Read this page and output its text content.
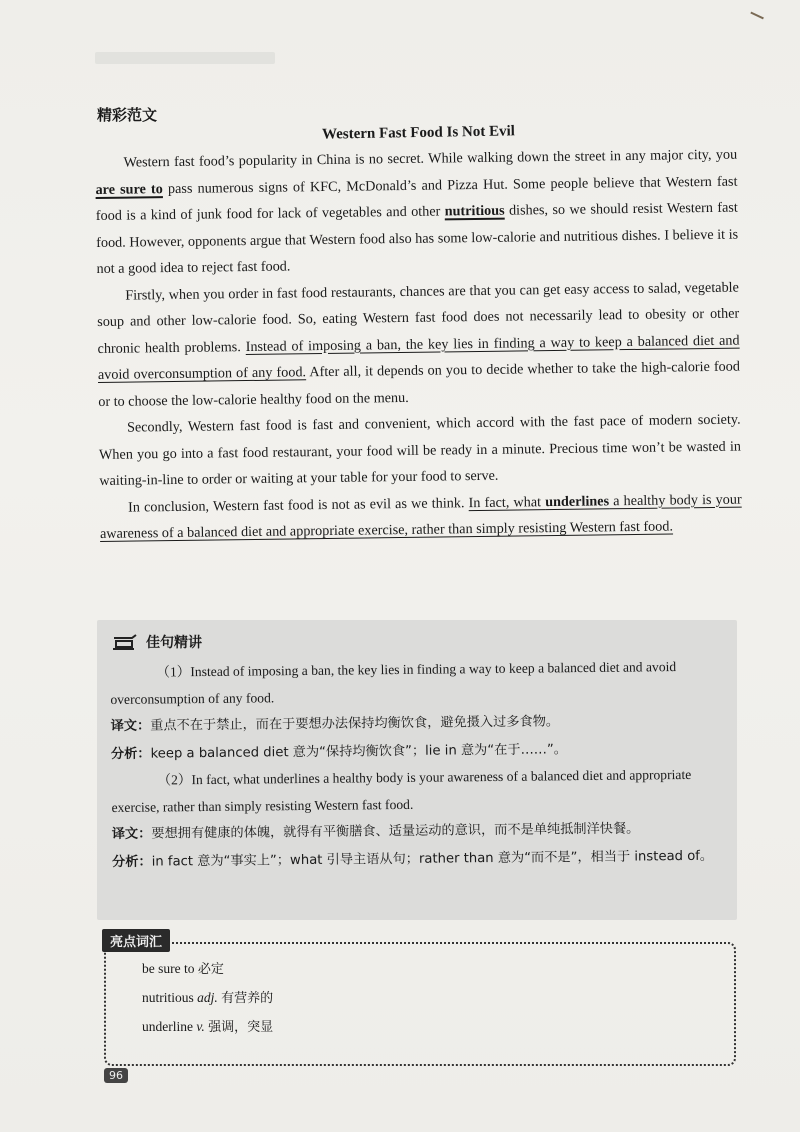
精彩范文
Western Fast Food Is Not Evil

Western fast food’s popularity in China is no secret. While walking down the street in any major city, you are sure to pass numerous signs of KFC, McDonald’s and Pizza Hut. Some people believe that Western fast food is a kind of junk food for lack of vegetables and other nutritious dishes, so we should resist Western fast food. However, opponents argue that Western food also has some low-calorie and nutritious dishes. I believe it is not a good idea to reject fast food.

Firstly, when you order in fast food restaurants, chances are that you can get easy access to salad, vegetable soup and other low-calorie food. So, eating Western fast food does not necessarily lead to obesity or other chronic health problems. Instead of imposing a ban, the key lies in finding a way to keep a balanced diet and avoid overconsumption of any food. After all, it depends on you to decide whether to take the high-calorie food or to choose the low-calorie healthy food on the menu.

Secondly, Western fast food is fast and convenient, which accord with the fast pace of modern society. When you go into a fast food restaurant, your food will be ready in a minute. Precious time won’t be wasted in waiting-in-line to order or waiting at your table for your food to serve.

In conclusion, Western fast food is not as evil as we think. In fact, what underlines a healthy body is your awareness of a balanced diet and appropriate exercise, rather than simply resisting Western fast food.

佳句精讲

（1）Instead of imposing a ban, the key lies in finding a way to keep a balanced diet and avoid overconsumption of any food.

译文：重点不在于禁止，而在于要想办法保持均衡饮食，避免摄入过多食物。

分析：keep a balanced diet 意为“保持均衡饮食”；lie in 意为“在于……”。

（2）In fact, what underlines a healthy body is your awareness of a balanced diet and appropriate exercise, rather than simply resisting Western fast food.

译文：要想拥有健康的体魄，就得有平衡膳食、适量运动的意识，而不是单纯抵制洋快餐。

分析：in fact 意为“事实上”；what 引导主语从句；rather than 意为“而不是”，相当于 instead of。

亮点词汇
be sure to 必定
nutritious adj. 有营养的
underline v. 强调，突显
96
